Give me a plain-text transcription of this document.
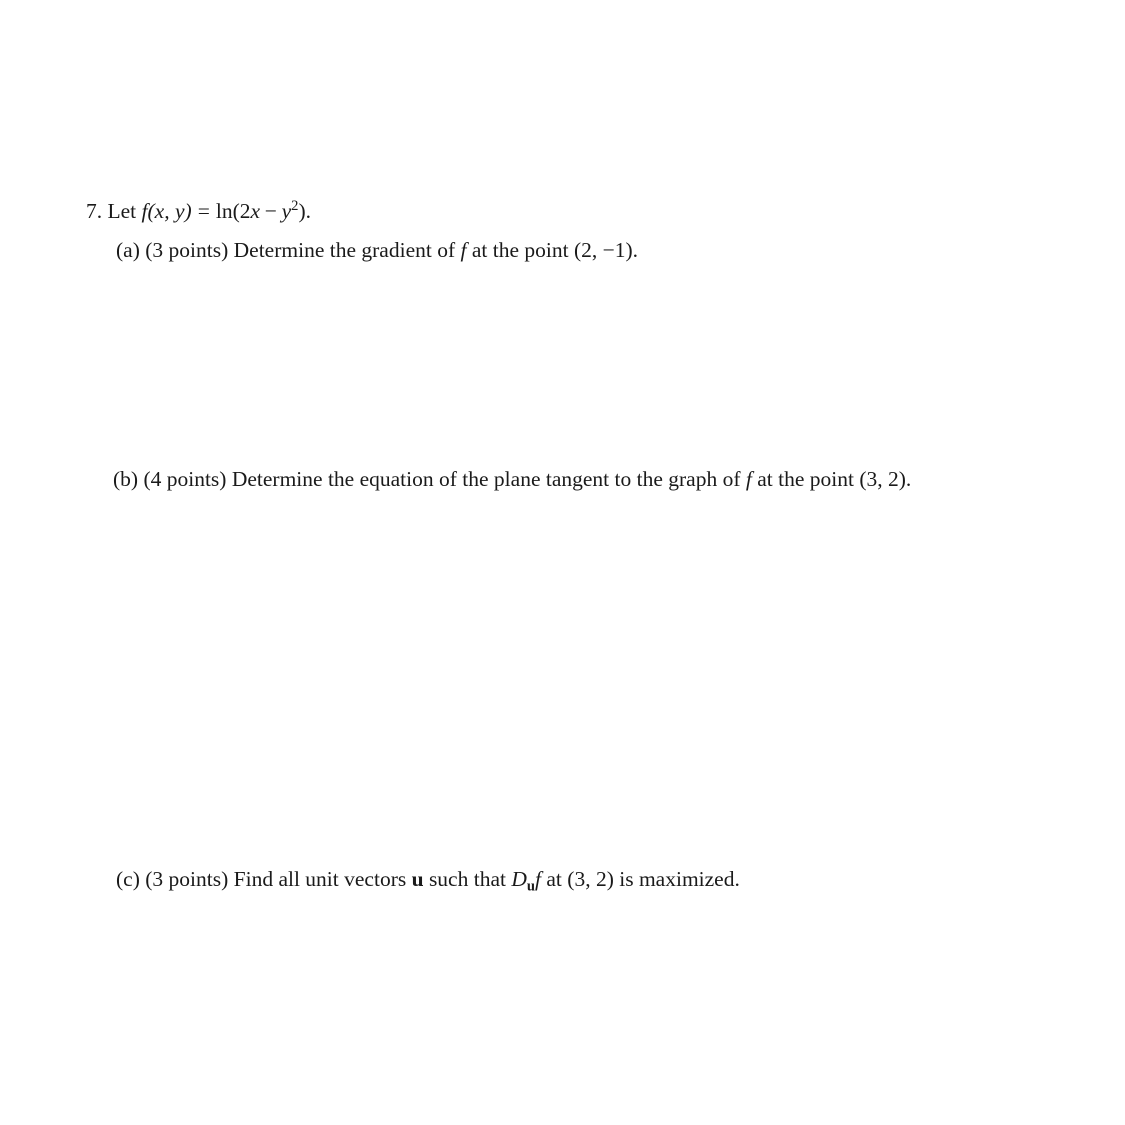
7. Let f(x, $y) = \ln(2x - y^2)$.
(a) (3 points) Determine the gradient of f at the point (2, −1).
(b) (4 points) Determine the equation of the plane tangent to the graph of f at the point (3, 2).
(c) (3 points) Find all unit vectors u such that $D_uf$ at (3, 2) is maximized.
